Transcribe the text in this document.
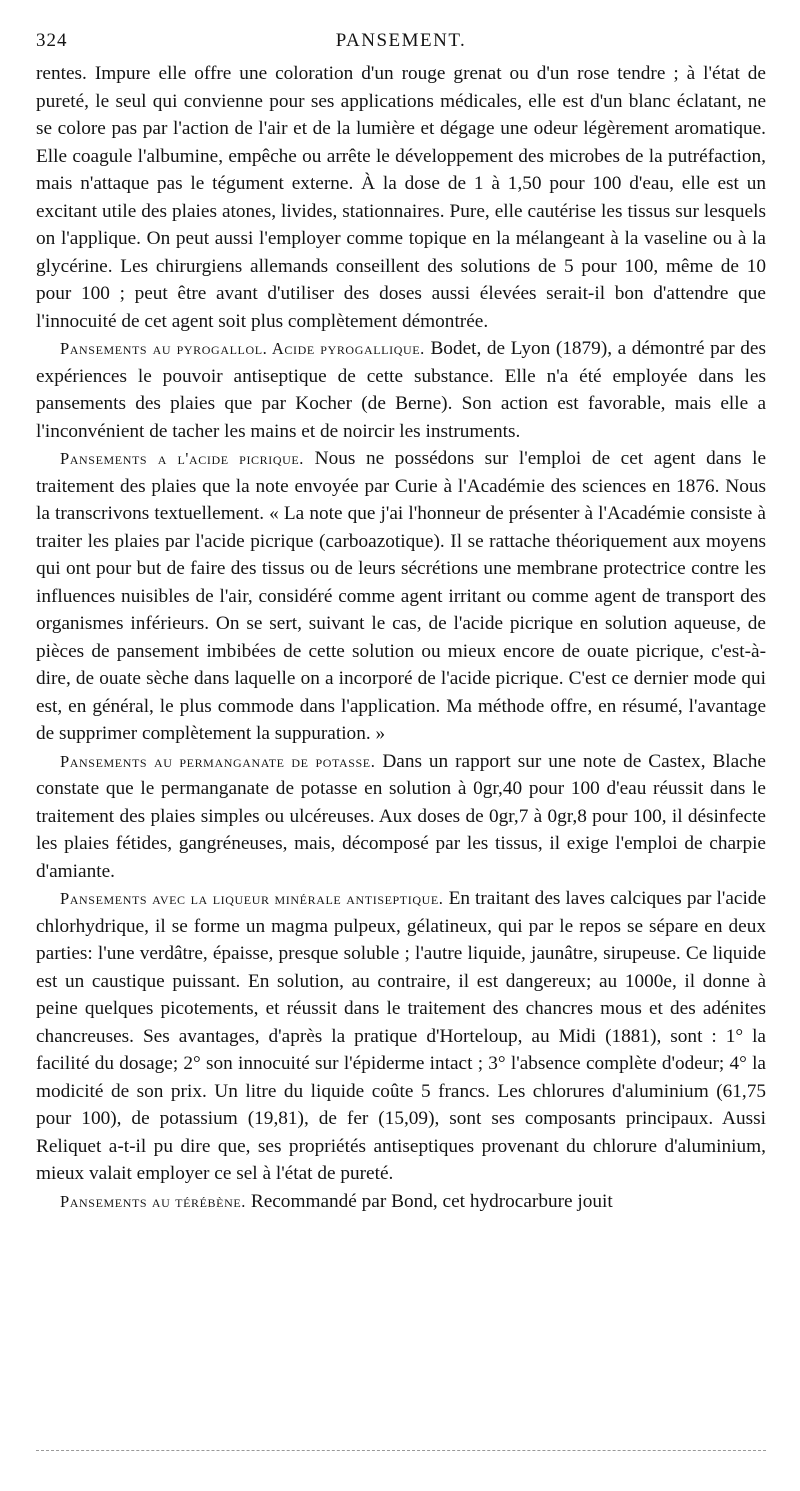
324	PANSEMENT.

rentes. Impure elle offre une coloration d'un rouge grenat ou d'un rose tendre ; à l'état de pureté, le seul qui convienne pour ses applications médicales, elle est d'un blanc éclatant, ne se colore pas par l'action de l'air et de la lumière et dégage une odeur légèrement aromatique. Elle coagule l'albumine, empêche ou arrête le développement des microbes de la putréfaction, mais n'attaque pas le tégument externe. À la dose de 1 à 1,50 pour 100 d'eau, elle est un excitant utile des plaies atones, livides, stationnaires. Pure, elle cautérise les tissus sur lesquels on l'applique. On peut aussi l'employer comme topique en la mélangeant à la vaseline ou à la glycérine. Les chirurgiens allemands conseillent des solutions de 5 pour 100, même de 10 pour 100 ; peut être avant d'utiliser des doses aussi élevées serait-il bon d'attendre que l'innocuité de cet agent soit plus complètement démontrée.

Pansements au pyrogallol. Acide pyrogallique. Bodet, de Lyon (1879), a démontré par des expériences le pouvoir antiseptique de cette substance. Elle n'a été employée dans les pansements des plaies que par Kocher (de Berne). Son action est favorable, mais elle a l'inconvénient de tacher les mains et de noircir les instruments.

Pansements a l'acide picrique. Nous ne possédons sur l'emploi de cet agent dans le traitement des plaies que la note envoyée par Curie à l'Académie des sciences en 1876. Nous la transcrivons textuellement. « La note que j'ai l'honneur de présenter à l'Académie consiste à traiter les plaies par l'acide picrique (carboazotique). Il se rattache théoriquement aux moyens qui ont pour but de faire des tissus ou de leurs sécrétions une membrane protectrice contre les influences nuisibles de l'air, considéré comme agent irritant ou comme agent de transport des organismes inférieurs. On se sert, suivant le cas, de l'acide picrique en solution aqueuse, de pièces de pansement imbibées de cette solution ou mieux encore de ouate picrique, c'est-à-dire, de ouate sèche dans laquelle on a incorporé de l'acide picrique. C'est ce dernier mode qui est, en général, le plus commode dans l'application. Ma méthode offre, en résumé, l'avantage de supprimer complètement la suppuration. »

Pansements au permanganate de potasse. Dans un rapport sur une note de Castex, Blache constate que le permanganate de potasse en solution à 0gr,40 pour 100 d'eau réussit dans le traitement des plaies simples ou ulcéreuses. Aux doses de 0gr,7 à 0gr,8 pour 100, il désinfecte les plaies fétides, gangréneuses, mais, décomposé par les tissus, il exige l'emploi de charpie d'amiante.

Pansements avec la liqueur minérale antiseptique. En traitant des laves calciques par l'acide chlorhydrique, il se forme un magma pulpeux, gélatineux, qui par le repos se sépare en deux parties: l'une verdâtre, épaisse, presque soluble ; l'autre liquide, jaunâtre, sirupeuse. Ce liquide est un caustique puissant. En solution, au contraire, il est dangereux; au 1000e, il donne à peine quelques picotements, et réussit dans le traitement des chancres mous et des adénites chancreuses. Ses avantages, d'après la pratique d'Horteloup, au Midi (1881), sont : 1° la facilité du dosage; 2° son innocuité sur l'épiderme intact ; 3° l'absence complète d'odeur; 4° la modicité de son prix. Un litre du liquide coûte 5 francs. Les chlorures d'aluminium (61,75 pour 100), de potassium (19,81), de fer (15,09), sont ses composants principaux. Aussi Reliquet a-t-il pu dire que, ses propriétés antiseptiques provenant du chlorure d'aluminium, mieux valait employer ce sel à l'état de pureté.

Pansements au térébène. Recommandé par Bond, cet hydrocarbure jouit
